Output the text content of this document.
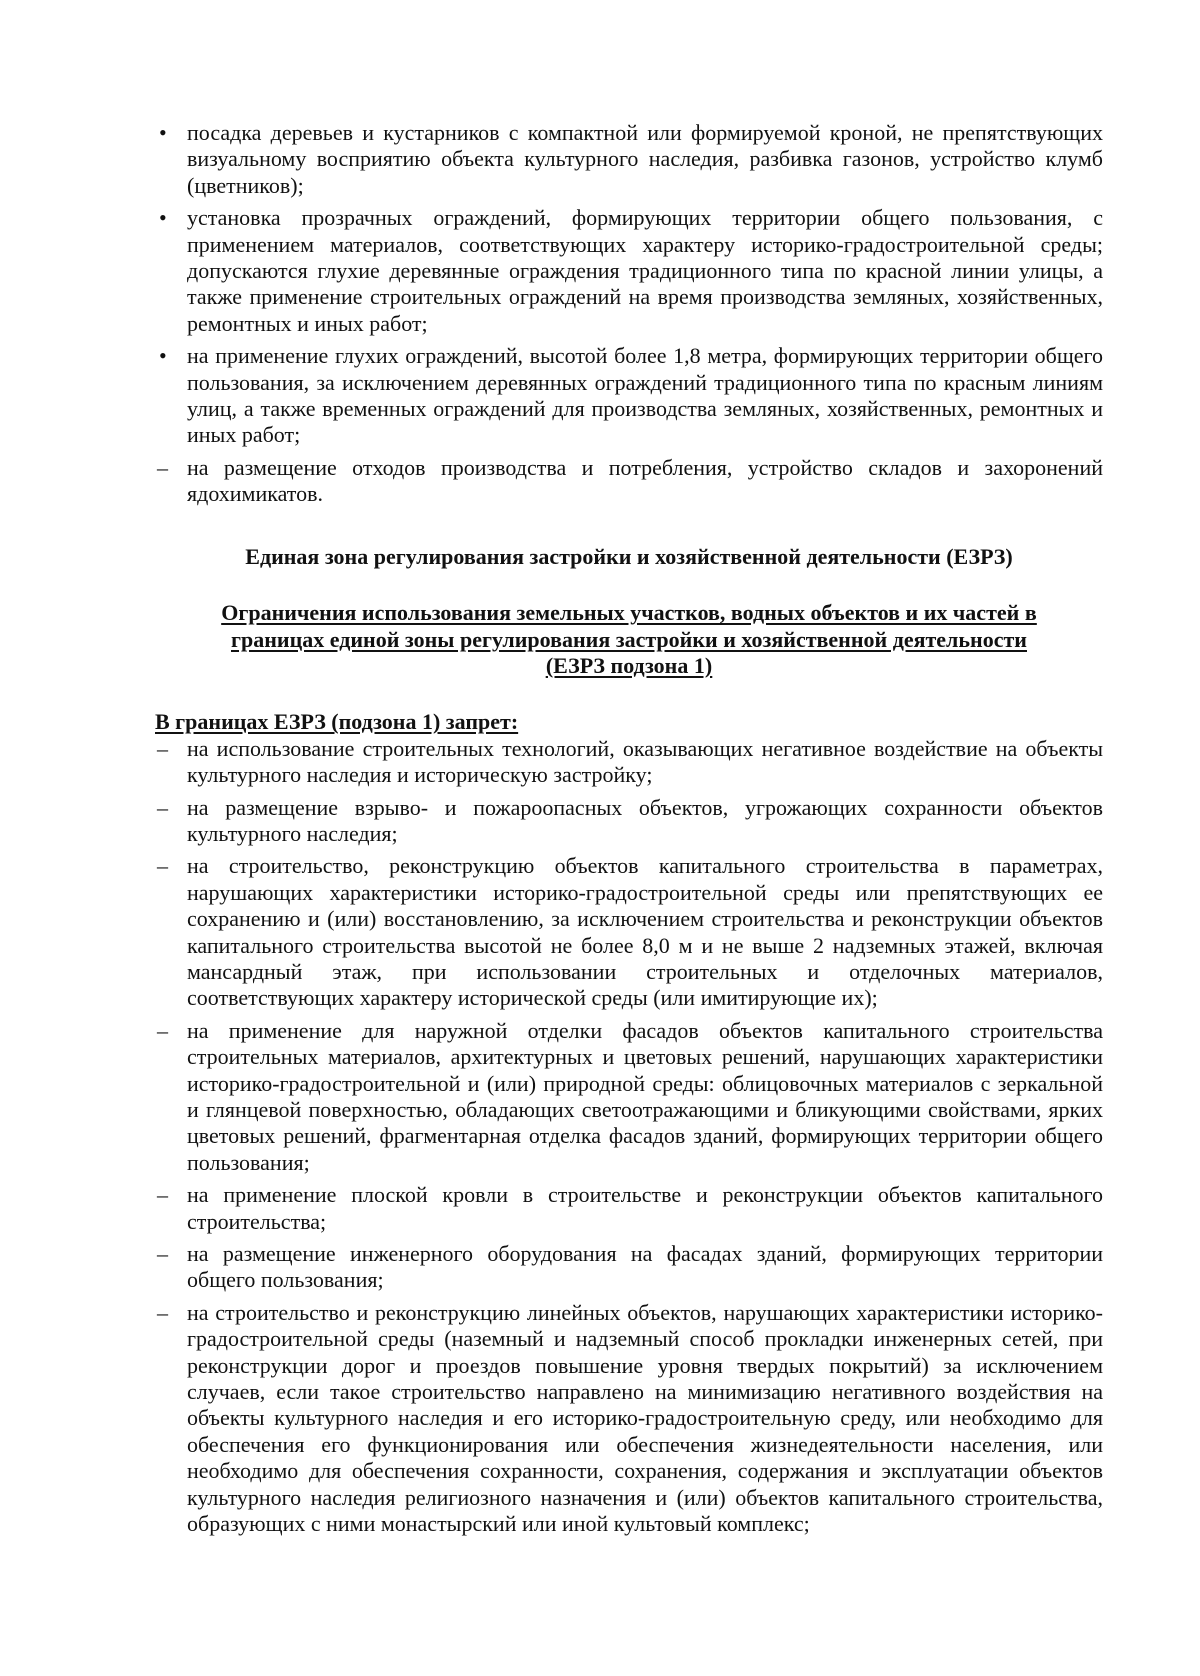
• посадка деревьев и кустарников с компактной или формируемой кроной, не препятствующих визуальному восприятию объекта культурного наследия, разбивка газонов, устройство клумб (цветников);
• установка прозрачных ограждений, формирующих территории общего пользования, с применением материалов, соответствующих характеру историко-градостроительной среды; допускаются глухие деревянные ограждения традиционного типа по красной линии улицы, а также применение строительных ограждений на время производства земляных, хозяйственных, ремонтных и иных работ;
• на применение глухих ограждений, высотой более 1,8 метра, формирующих территории общего пользования, за исключением деревянных ограждений традиционного типа по красным линиям улиц, а также временных ограждений для производства земляных, хозяйственных, ремонтных и иных работ;
– на размещение отходов производства и потребления, устройство складов и захоронений ядохимикатов.
Единая зона регулирования застройки и хозяйственной деятельности (ЕЗРЗ)
Ограничения использования земельных участков, водных объектов и их частей в
границах единой зоны регулирования застройки и хозяйственной деятельности
(ЕЗРЗ подзона 1)
В границах ЕЗРЗ (подзона 1) запрет:
– на использование строительных технологий, оказывающих негативное воздействие на объекты культурного наследия и историческую застройку;
– на размещение взрыво- и пожароопасных объектов, угрожающих сохранности объектов культурного наследия;
– на строительство, реконструкцию объектов капитального строительства в параметрах, нарушающих характеристики историко-градостроительной среды или препятствующих ее сохранению и (или) восстановлению, за исключением строительства и реконструкции объектов капитального строительства высотой не более 8,0 м и не выше 2 надземных этажей, включая мансардный этаж, при использовании строительных и отделочных материалов, соответствующих характеру исторической среды (или имитирующие их);
– на применение для наружной отделки фасадов объектов капитального строительства строительных материалов, архитектурных и цветовых решений, нарушающих характеристики историко-градостроительной и (или) природной среды: облицовочных материалов с зеркальной и глянцевой поверхностью, обладающих светоотражающими и бликующими свойствами, ярких цветовых решений, фрагментарная отделка фасадов зданий, формирующих территории общего пользования;
– на применение плоской кровли в строительстве и реконструкции объектов капитального строительства;
– на размещение инженерного оборудования на фасадах зданий, формирующих территории общего пользования;
– на строительство и реконструкцию линейных объектов, нарушающих характеристики историко-градостроительной среды (наземный и надземный способ прокладки инженерных сетей, при реконструкции дорог и проездов повышение уровня твердых покрытий) за исключением случаев, если такое строительство направлено на минимизацию негативного воздействия на объекты культурного наследия и его историко-градостроительную среду, или необходимо для обеспечения его функционирования или обеспечения жизнедеятельности населения, или необходимо для обеспечения сохранности, сохранения, содержания и эксплуатации объектов культурного наследия религиозного назначения и (или) объектов капитального строительства, образующих с ними монастырский или иной культовый комплекс;
